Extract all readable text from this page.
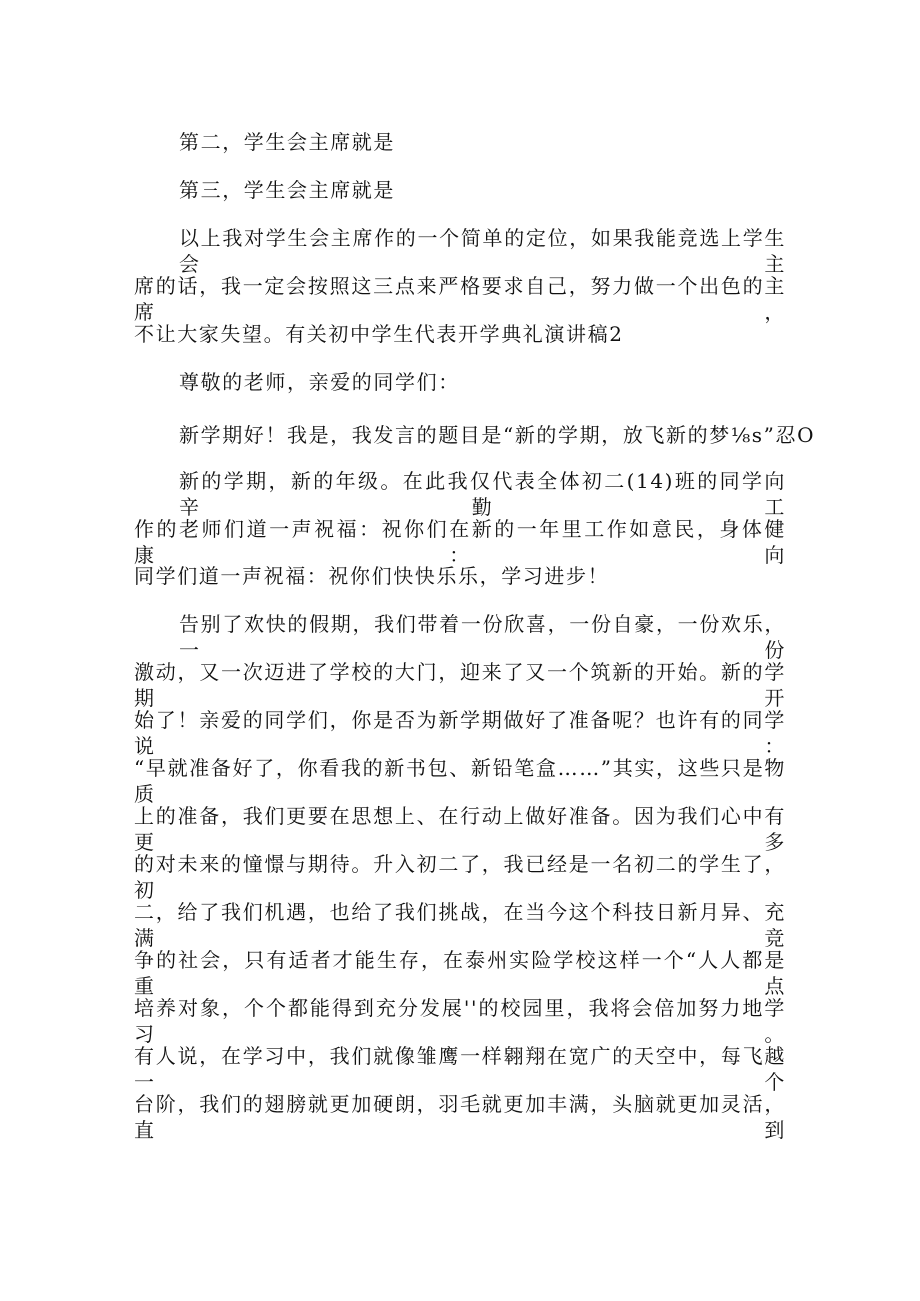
第二，学生会主席就是
第三，学生会主席就是
以上我对学生会主席作的一个简单的定位，如果我能竞选上学生会主
席的话，我一定会按照这三点来严格要求自己，努力做一个出色的主席，
不让大家失望。有关初中学生代表开学典礼演讲稿2
尊敬的老师，亲爱的同学们：
新学期好！我是，我发言的题目是“新的学期，放飞新的梦⅛s”忍O
新的学期，新的年级。在此我仅代表全体初二(14)班的同学向辛勤工
作的老师们道一声祝福：祝你们在新的一年里工作如意民，身体健康：向
同学们道一声祝福：祝你们快快乐乐，学习进步！
告别了欢快的假期，我们带着一份欣喜，一份自豪，一份欢乐，一份
激动，又一次迈进了学校的大门，迎来了又一个筑新的开始。新的学期开
始了！亲爱的同学们，你是否为新学期做好了准备呢？也许有的同学说：
“早就准备好了，你看我的新书包、新铅笔盒……”其实，这些只是物质
上的准备，我们更要在思想上、在行动上做好准备。因为我们心中有更多
的对未来的憧憬与期待。升入初二了，我已经是一名初二的学生了，初
二，给了我们机遇，也给了我们挑战，在当今这个科技日新月异、充满竞
争的社会，只有适者才能生存，在泰州实险学校这样一个“人人都是重点
培养对象，个个都能得到充分发展''的校园里，我将会倍加努力地学习。
有人说，在学习中，我们就像雏鹰一样翱翔在宽广的天空中，每飞越一个
台阶，我们的翅膀就更加硬朗，羽毛就更加丰满，头脑就更加灵活，直到
